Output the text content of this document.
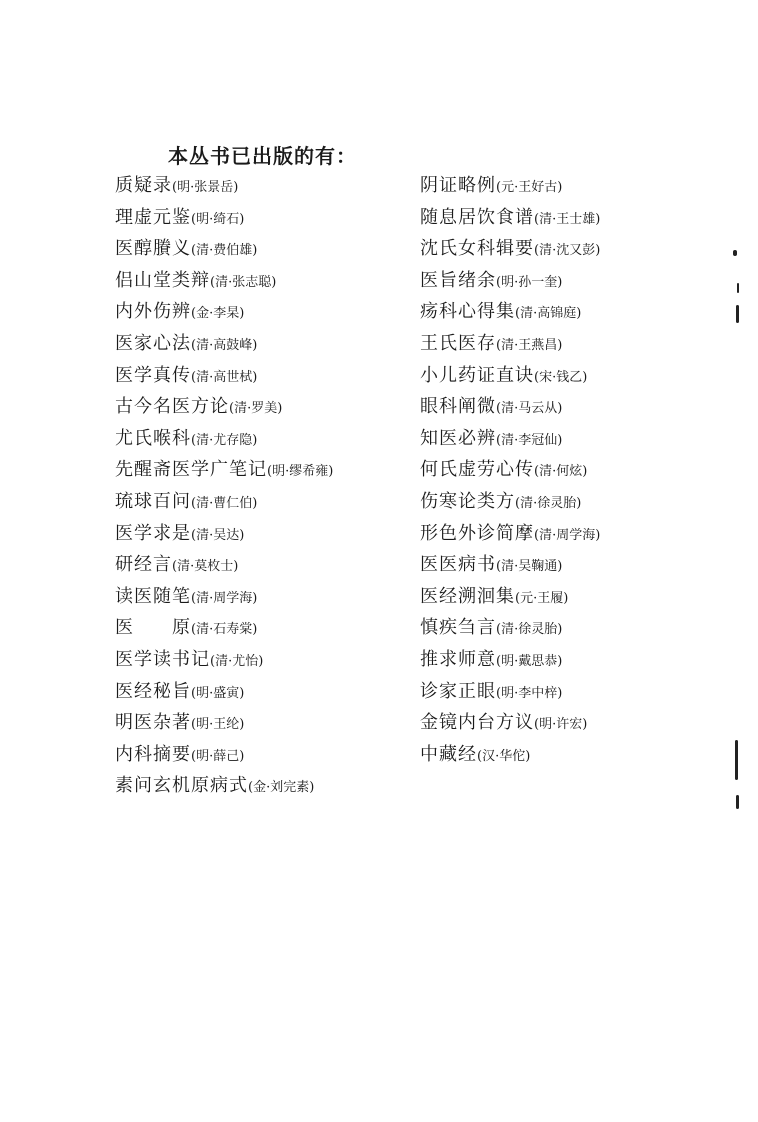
本丛书已出版的有：
质疑录(明·张景岳)
理虚元鉴(明·绮石)
医醇賸义(清·费伯雄)
侣山堂类辩(清·张志聪)
内外伤辨(金·李杲)
医家心法(清·高鼓峰)
医学真传(清·高世栻)
古今名医方论(清·罗美)
尤氏喉科(清·尤存隐)
先醒斋医学广笔记(明·缪希雍)
琉球百问(清·曹仁伯)
医学求是(清·吴达)
研经言(清·莫枚士)
读医随笔(清·周学海)
医　　原(清·石寿棠)
医学读书记(清·尤怡)
医经秘旨(明·盛寅)
明医杂著(明·王纶)
内科摘要(明·薛己)
素问玄机原病式(金·刘完素)
阴证略例(元·王好古)
随息居饮食谱(清·王士雄)
沈氏女科辑要(清·沈又彭)
医旨绪余(明·孙一奎)
疡科心得集(清·高锦庭)
王氏医存(清·王燕昌)
小儿药证直诀(宋·钱乙)
眼科阐微(清·马云从)
知医必辨(清·李冠仙)
何氏虚劳心传(清·何炫)
伤寒论类方(清·徐灵胎)
形色外诊简摩(清·周学海)
医医病书(清·吴鞠通)
医经溯洄集(元·王履)
慎疾刍言(清·徐灵胎)
推求师意(明·戴思恭)
诊家正眼(明·李中梓)
金镜内台方议(明·许宏)
中藏经(汉·华佗)
